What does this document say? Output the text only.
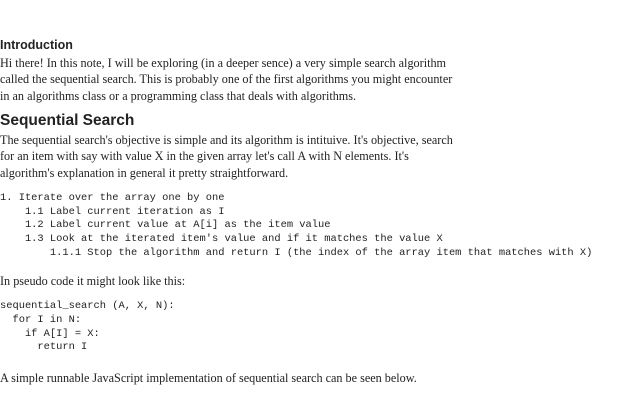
Introduction

Hi there! In this note, I will be exploring (in a deeper sence) a very simple search algorithm
called the sequential search. This is probably one of the first algorithms you might encounter
in an algorithms class or a programming class that deals with algorithms.

Sequential Search

The sequential search's objective is simple and its algorithm is intituive. It's objective, search
for an item with say with value X in the given array let's call A with N elements. It's
algorithm's explanation in general it pretty straightforward.

1. Iterate over the array one by one
1.1 Label current iteration as I
1.2 Label current value at A[i] as the item value
1.3 Look at the iterated item's value and if it matches the value X
1.1.1 Stop the algorithm and return I (the index of the array item that matches with X)

In pseudo code it might look like this:

sequential_search (A, X, N):
for I in N:
if A[I] = X:
return I

A simple runnable JavaScript implementation of sequential search can be seen below.
